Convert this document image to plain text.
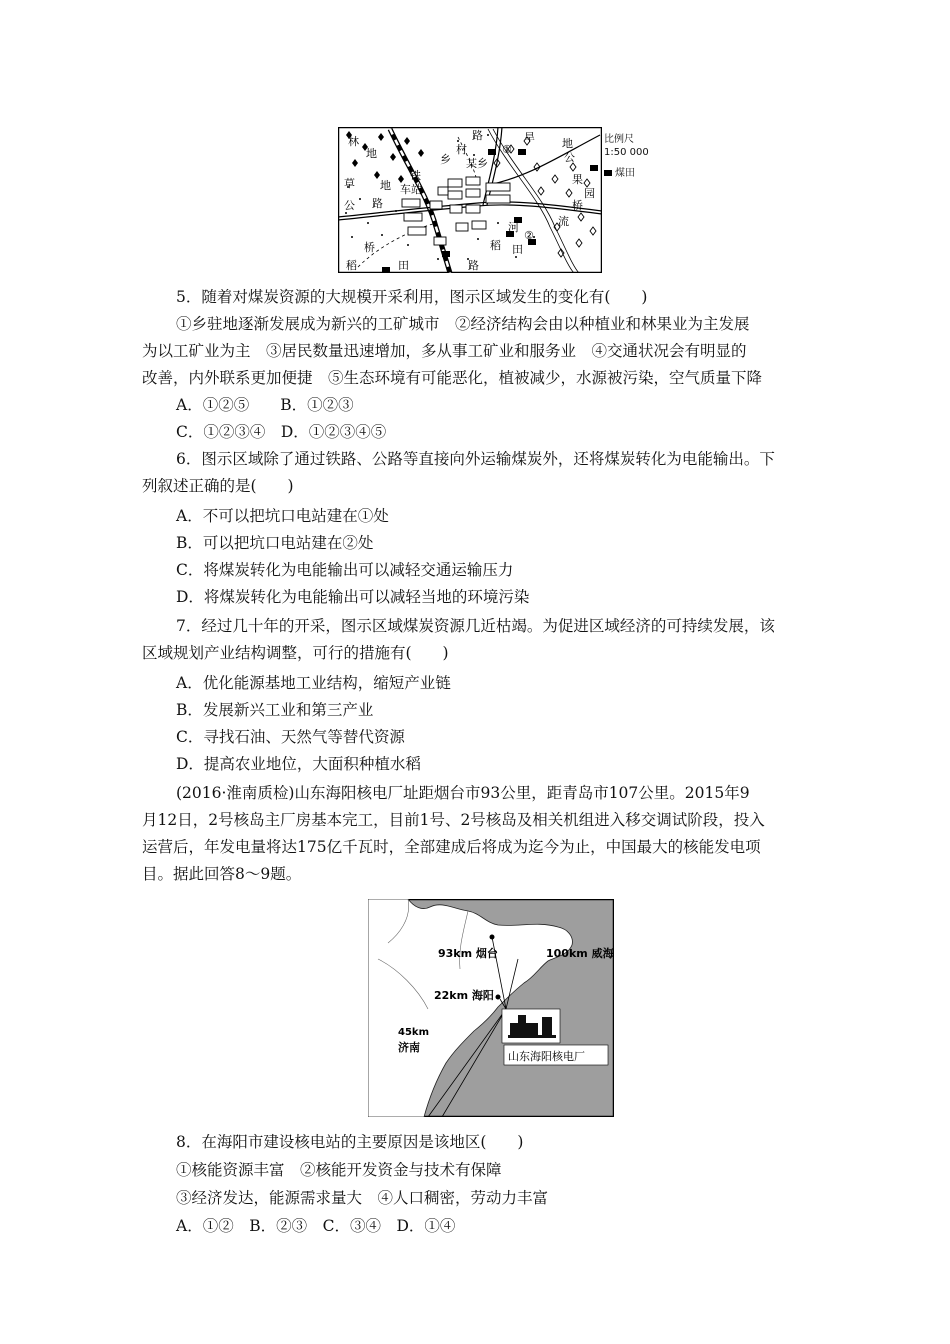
林
地
路
村	①
旱 地
公
乡 某乡
铁
车站
草 地
公 路
果
园
桥
河	流
②
稻 田
桥
稻	田	路
比例尺
1:50 000
煤田
5．随着对煤炭资源的大规模开采利用，图示区域发生的变化有(　　)
①乡驻地逐渐发展成为新兴的工矿城市　②经济结构会由以种植业和林果业为主发展
为以工矿业为主　③居民数量迅速增加，多从事工矿业和服务业　④交通状况会有明显的
改善，内外联系更加便捷　⑤生态环境有可能恶化，植被减少，水源被污染，空气质量下降
A．①②⑤　　B．①②③
C．①②③④　D．①②③④⑤
6．图示区域除了通过铁路、公路等直接向外运输煤炭外，还将煤炭转化为电能输出。下
列叙述正确的是(　　)
A．不可以把坑口电站建在①处
B．可以把坑口电站建在②处
C．将煤炭转化为电能输出可以减轻交通运输压力
D．将煤炭转化为电能输出可以减轻当地的环境污染
7．经过几十年的开采，图示区域煤炭资源几近枯竭。为促进区域经济的可持续发展，该
区域规划产业结构调整，可行的措施有(　　)
A．优化能源基地工业结构，缩短产业链
B．发展新兴工业和第三产业
C．寻找石油、天然气等替代资源
D．提高农业地位，大面积种植水稻
(2016·淮南质检)山东海阳核电厂址距烟台市93公里，距青岛市107公里。2015年9
月12日，2号核岛主厂房基本完工，目前1号、2号核岛及相关机组进入移交调试阶段，投入
运营后，年发电量将达175亿千瓦时，全部建成后将成为迄今为止，中国最大的核能发电项
目。据此回答8～9题。
93km 烟台	100km 威海
22km 海阳
45km
济南
山东海阳核电厂
8．在海阳市建设核电站的主要原因是该地区(　　)
①核能资源丰富　②核能开发资金与技术有保障
③经济发达，能源需求量大　④人口稠密，劳动力丰富
A．①②　B．②③　C．③④　D．①④
